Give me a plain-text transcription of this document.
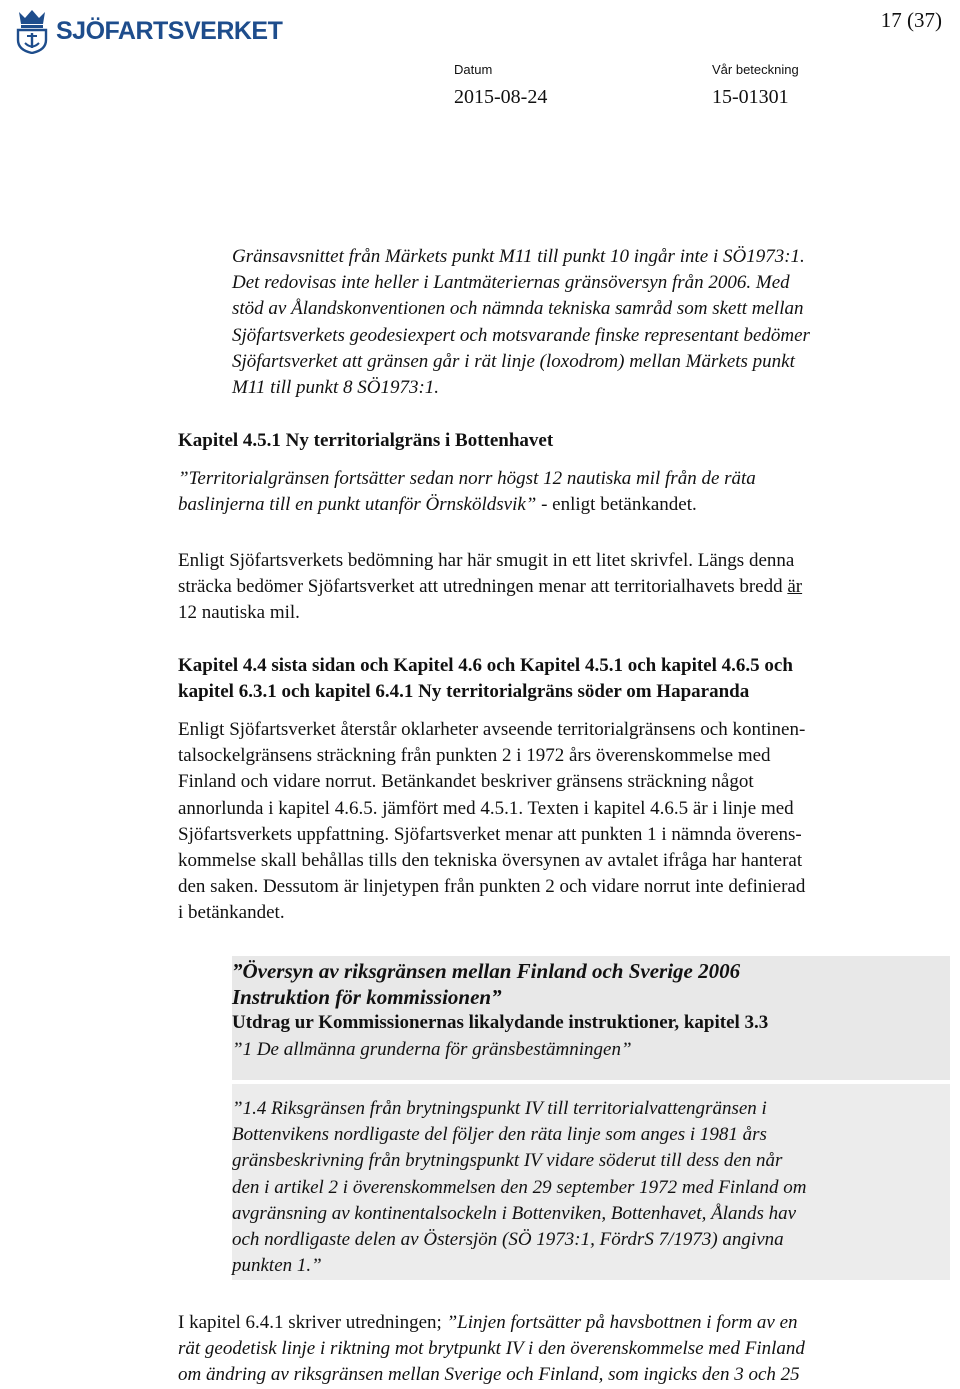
SJÖFARTSVERKET	17 (37)
Datum
2015-08-24
Vår beteckning
15-01301
Gränsavsnittet från Märkets punkt M11 till punkt 10 ingår inte i SÖ1973:1.
Det redovisas inte heller i Lantmäteriernas gränsöversyn från 2006. Med
stöd av Ålandskonventionen och nämnda tekniska samråd som skett mellan
Sjöfartsverkets geodesiexpert och motsvarande finske representant bedömer
Sjöfartsverket att gränsen går i rät linje (loxodrom) mellan Märkets punkt
M11 till punkt 8 SÖ1973:1.
Kapitel 4.5.1 Ny territorialgräns i Bottenhavet
”Territorialgränsen fortsätter sedan norr högst 12 nautiska mil från de räta
baslinjerna till en punkt utanför Örnsköldsvik” - enligt betänkandet.
Enligt Sjöfartsverkets bedömning har här smugit in ett litet skrivfel. Längs denna
sträcka bedömer Sjöfartsverket att utredningen menar att territorialhavets bredd är
12 nautiska mil.
Kapitel 4.4 sista sidan och Kapitel 4.6 och Kapitel 4.5.1 och kapitel 4.6.5 och
kapitel 6.3.1 och kapitel 6.4.1 Ny territorialgräns söder om Haparanda
Enligt Sjöfartsverket återstår oklarheter avseende territorialgränsens och kontinen-
talsockelgränsens sträckning från punkten 2 i 1972 års överenskommelse med
Finland och vidare norrut. Betänkandet beskriver gränsens sträckning något
annorlunda i kapitel 4.6.5. jämfört med 4.5.1. Texten i kapitel 4.6.5 är i linje med
Sjöfartsverkets uppfattning. Sjöfartsverket menar att punkten 1 i nämnda överens-
kommelse skall behållas tills den tekniska översynen av avtalet ifråga har hanterat
den saken. Dessutom är linjetypen från punkten 2 och vidare norrut inte definierad
i betänkandet.
”Översyn av riksgränsen mellan Finland och Sverige 2006
Instruktion för kommissionen”
Utdrag ur Kommissionernas likalydande instruktioner, kapitel 3.3
”1 De allmänna grunderna för gränsbestämningen”
”1.4 Riksgränsen från brytningspunkt IV till territorialvattengränsen i
Bottenvikens nordligaste del följer den räta linje som anges i 1981 års
gränsbeskrivning från brytningspunkt IV vidare söderut till dess den når
den i artikel 2 i överenskommelsen den 29 september 1972 med Finland om
avgränsning av kontinentalsockeln i Bottenviken, Bottenhavet, Ålands hav
och nordligaste delen av Östersjön (SÖ 1973:1, FördrS 7/1973) angivna
punkten 1.”
I kapitel 6.4.1 skriver utredningen; ”Linjen fortsätter på havsbottnen i form av en
rät geodetisk linje i riktning mot brytpunkt IV i den överenskommelse med Finland
om ändring av riksgränsen mellan Sverige och Finland, som ingicks den 3 och 25
